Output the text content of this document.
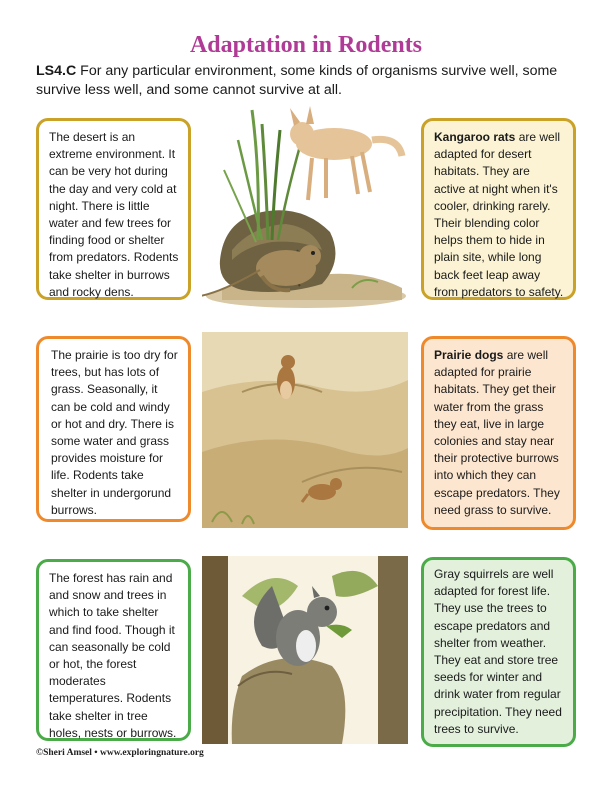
Adaptation in Rodents

LS4.C For any particular environment, some kinds of organisms survive well, some survive less well, and some cannot survive at all.

The desert is an extreme environment. It can be very hot during the day and very cold at night. There is little water and few trees for finding food or shelter from predators. Rodents take shelter in burrows and rocky dens.
Kangaroo rats are well adapted for desert habitats. They are active at night when it's cooler, drinking rarely. Their blending color helps them to hide in plain site, while long back feet leap away from predators to safety.
The prairie is too dry for trees, but has lots of grass. Seasonally, it can be cold and windy or hot and dry. There is some water and grass provides moisture for life. Rodents take shelter in undergorund burrows.
Prairie dogs are well adapted for prairie habitats. They get their water from the grass they eat, live in large colonies and stay near their protective burrows into which they can escape predators. They need grass to survive.
The forest has rain and and snow and trees in which to take shelter and find food. Though it can seasonally be cold or hot, the forest moderates temperatures. Rodents take shelter in tree holes, nests or burrows.
Gray squirrels are well adapted for forest life. They use the trees to escape predators and shelter from weather. They eat and store tree seeds for winter and drink water from regular precipitation. They need trees to survive.
©Sheri Amsel • www.exploringnature.org
